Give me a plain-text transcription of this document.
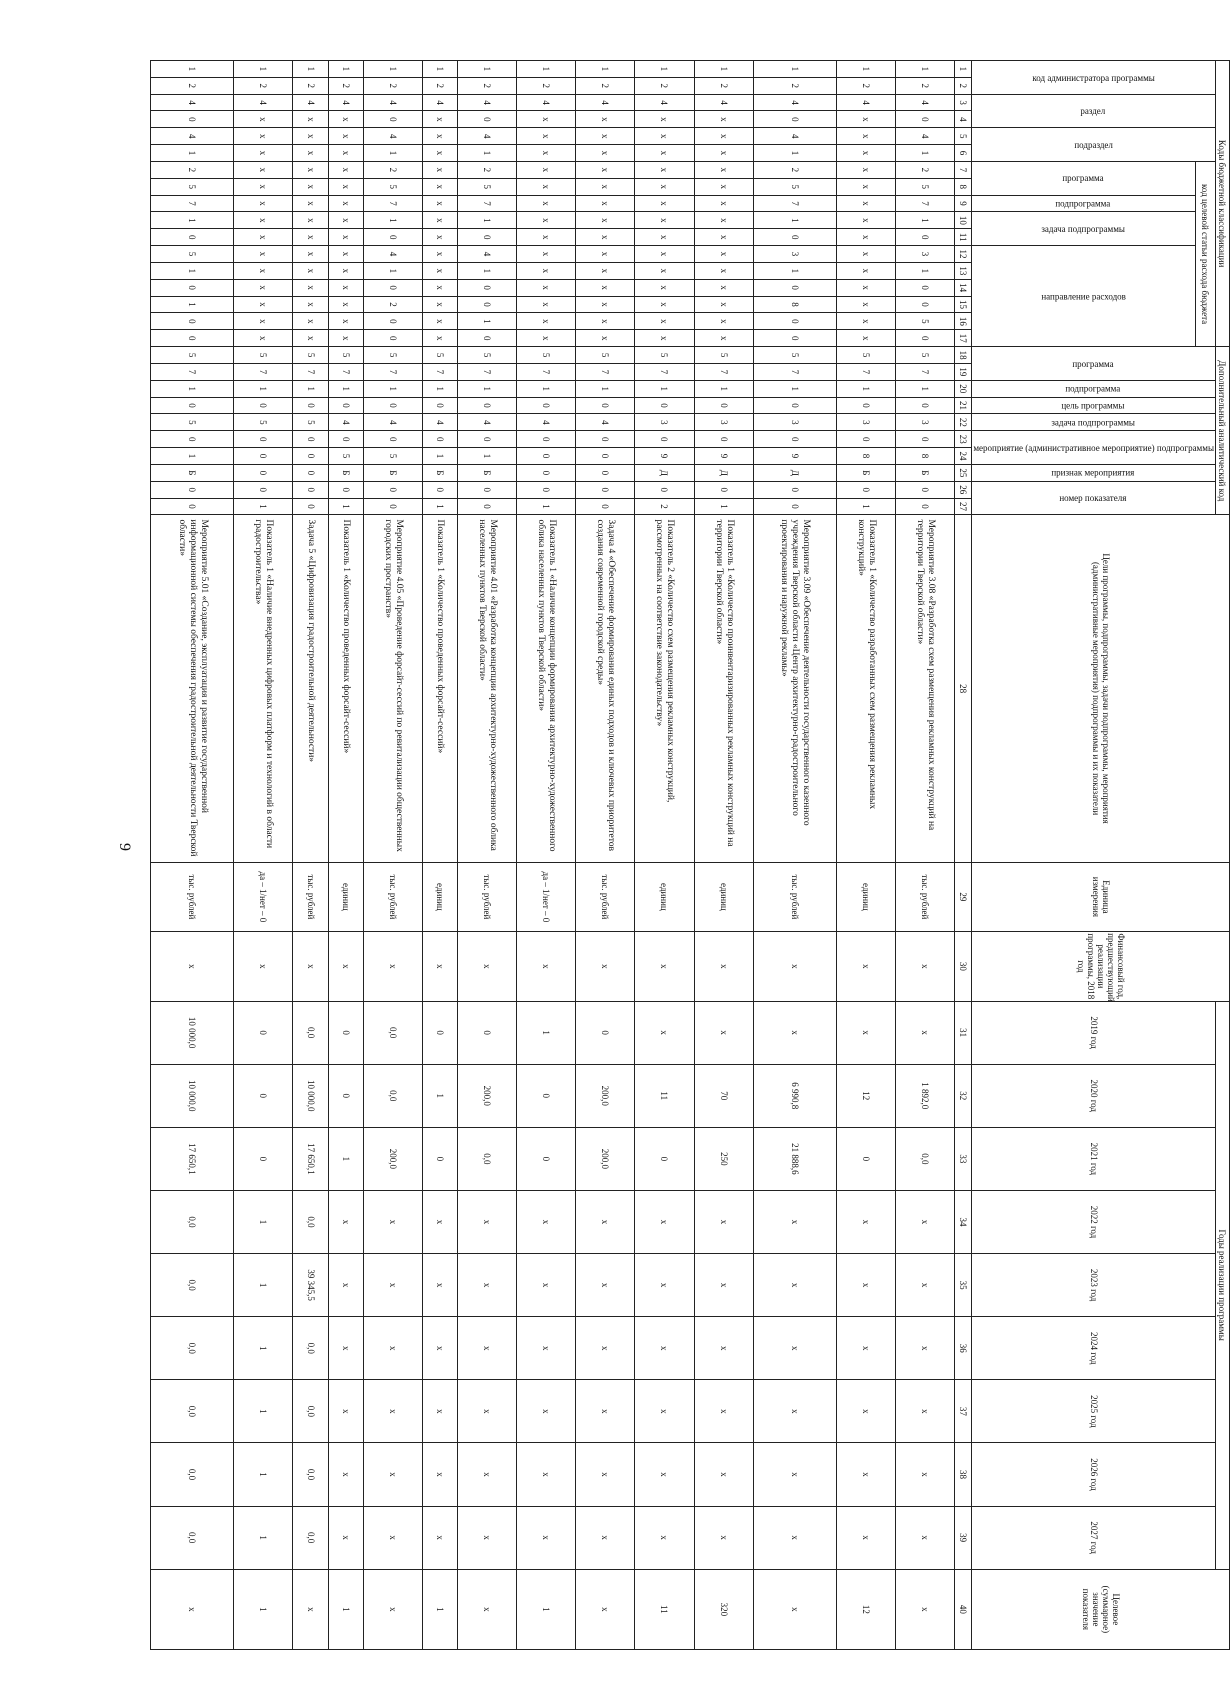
9
Коды бюджетной классификации																	Дополнительный аналитический код										Цели программы, подпрограммы, задачи подпрограммы, мероприятия (административные мероприятия) подпрограммы и их показатели	Единица измерения	Финансовый год, предшествующий реализации программы, 2018 год	Годы реализации программы									Целевое (суммарное) значение показателя
код администратора программы		раздел		подраздел		код целевой статьи расхода бюджета											программа		подпрограмма	цель программы	задача подпрограммы	мероприятие (административное мероприятие) подпрограммы		признак мероприятия	номер показателя					2019 год	2020 год	2021 год	2022 год	2023 год	2024 год	2025 год	2026 год	2027 год	
						программа		подпрограмма	задача подпрограммы		направление расходов																												

1	2	3	4	5	6	7	8	9	10	11	12	13	14	15	16	17	18	19	20	21	22	23	24	25	26	27	28	29	30	31	32	33	34	35	36	37	38	39	40
1	2	4	0	4	1	2	5	7	1	0	3	1	0	0	5	0	5	7	1	0	3	0	8	Б	0	0	Мероприятие 3.08 «Разработка схем размещения рекламных конструкций на территории Тверской области»	тыс. рублей	х	х	1 892,0	0,0	х	х	х	х	х	х	х
1	2	4	х	х	х	х	х	х	х	х	х	х	х	х	х	х	5	7	1	0	3	0	8	Б	0	1	Показатель 1 «Количество разработанных схем размещения рекламных конструкций»	единиц	х	х	12	0	х	х	х	х	х	х	12
1	2	4	0	4	1	2	5	7	1	0	3	1	0	8	0	0	5	7	1	0	3	0	9	Д	0	0	Мероприятие 3.09 «Обеспечение деятельности государственного казенного учреждения Тверской области «Центр архитектурно-градостроительного проектирования и наружной рекламы»	тыс. рублей	х	х	6 990,8	21 888,6	х	х	х	х	х	х	х
1	2	4	х	х	х	х	х	х	х	х	х	х	х	х	х	х	5	7	1	0	3	0	9	Д	0	1	Показатель 1 «Количество проинвентаризированных рекламных конструкций на территории Тверской области»	единиц	х	х	70	250	х	х	х	х	х	х	320
1	2	4	х	х	х	х	х	х	х	х	х	х	х	х	х	х	5	7	1	0	3	0	9	Д	0	2	Показатель 2 «Количество схем размещения рекламных конструкций, рассмотренных на соответствие законодательству»	единиц	х	х	11	0	х	х	х	х	х	х	11
1	2	4	х	х	х	х	х	х	х	х	х	х	х	х	х	х	5	7	1	0	4	0	0	0	0	0	Задача 4 «Обеспечение формирования единых подходов и ключевых приоритетов создания современной городской среды»	тыс. рублей	х	0	200,0	200,0	х	х	х	х	х	х	х
1	2	4	х	х	х	х	х	х	х	х	х	х	х	х	х	х	5	7	1	0	4	0	0	0	0	1	Показатель 1 «Наличие концепции формирования архитектурно-художественного облика населенных пунктов Тверской области»	да – 1/нет – 0	х	1	0	0	х	х	х	х	х	х	1
1	2	4	0	4	1	2	5	7	1	0	4	1	0	0	1	0	5	7	1	0	4	0	1	Б	0	0	Мероприятие 4.01 «Разработка концепции архитектурно-художественного облика населенных пунктов Тверской области»	тыс. рублей	х	0	200,0	0,0	х	х	х	х	х	х	х
1	2	4	х	х	х	х	х	х	х	х	х	х	х	х	х	х	5	7	1	0	4	0	1	Б	0	1	Показатель 1 «Количество проведенных форсайт-сессий»	единиц	х	0	1	0	х	х	х	х	х	х	1
1	2	4	0	4	1	2	5	7	1	0	4	1	0	2	0	0	5	7	1	0	4	0	5	Б	0	0	Мероприятие 4.05 «Проведение форсайт-сессий по ревитализации общественных городских пространств»	тыс. рублей	х	0,0	0,0	200,0	х	х	х	х	х	х	х
1	2	4	х	х	х	х	х	х	х	х	х	х	х	х	х	х	5	7	1	0	4	0	5	Б	0	1	Показатель 1 «Количество проведенных форсайт-сессий»	единиц	х	0	0	1	х	х	х	х	х	х	1
1	2	4	х	х	х	х	х	х	х	х	х	х	х	х	х	х	5	7	1	0	5	0	0	0	0	0	Задача 5 «Цифровизация градостроительной деятельности»	тыс. рублей	х	0,0	10 000,0	17 650,1	0,0	39 345,5	0,0	0,0	0,0	0,0	х
1	2	4	х	х	х	х	х	х	х	х	х	х	х	х	х	х	5	7	1	0	5	0	0	0	0	1	Показатель 1 «Наличие внедренных цифровых платформ и технологий в области градостроительства»	да – 1/нет – 0	х	0	0	0	1	1	1	1	1	1	1
1	2	4	0	4	1	2	5	7	1	0	5	1	0	1	0	0	5	7	1	0	5	0	1	Б	0	0	Мероприятие 5.01 «Создание, эксплуатация и развитие государственной информационной системы обеспечения градостроительной деятельности Тверской области»	тыс. рублей	х	10 000,0	10 000,0	17 650,1	0,0	0,0	0,0	0,0	0,0	0,0	х
